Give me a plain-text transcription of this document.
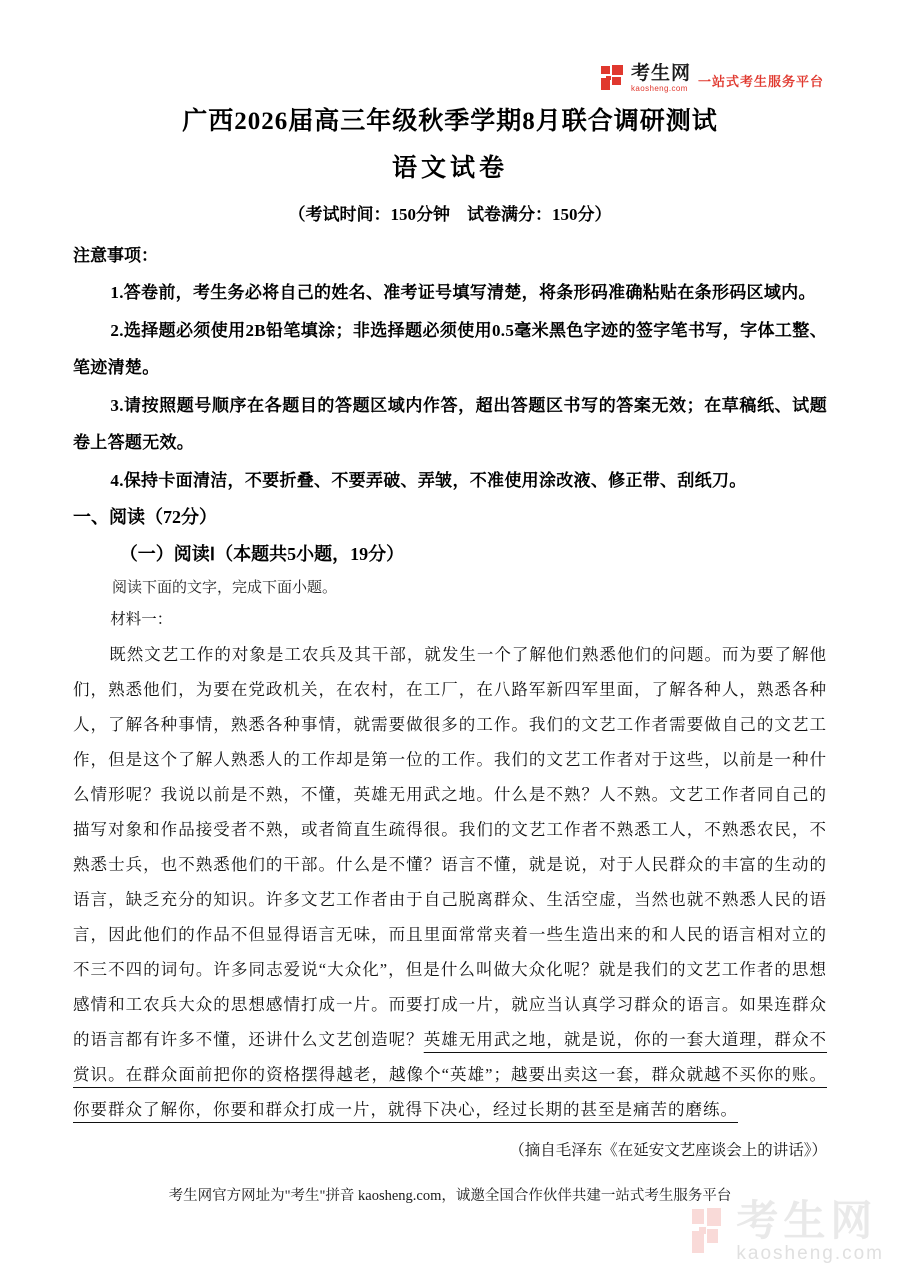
考生网
kaosheng.com 一站式考生服务平台
广西2026届高三年级秋季学期8月联合调研测试
语文试卷

（考试时间：150分钟　试卷满分：150分）

注意事项：

1.答卷前，考生务必将自己的姓名、准考证号填写清楚，将条形码准确粘贴在条形码区域内。

2.选择题必须使用2B铅笔填涂；非选择题必须使用0.5毫米黑色字迹的签字笔书写，字体工整、笔迹清楚。

3.请按照题号顺序在各题目的答题区域内作答，超出答题区书写的答案无效；在草稿纸、试题卷上答题无效。

4.保持卡面清洁，不要折叠、不要弄破、弄皱，不准使用涂改液、修正带、刮纸刀。

一、阅读（72分）

（一）阅读Ⅰ（本题共5小题，19分）

阅读下面的文字，完成下面小题。

材料一：

既然文艺工作的对象是工农兵及其干部，就发生一个了解他们熟悉他们的问题。而为要了解他们，熟悉他们，为要在党政机关，在农村，在工厂，在八路军新四军里面，了解各种人，熟悉各种人，了解各种事情，熟悉各种事情，就需要做很多的工作。我们的文艺工作者需要做自己的文艺工作，但是这个了解人熟悉人的工作却是第一位的工作。我们的文艺工作者对于这些，以前是一种什么情形呢？我说以前是不熟，不懂，英雄无用武之地。什么是不熟？人不熟。文艺工作者同自己的描写对象和作品接受者不熟，或者简直生疏得很。我们的文艺工作者不熟悉工人，不熟悉农民，不熟悉士兵，也不熟悉他们的干部。什么是不懂？语言不懂，就是说，对于人民群众的丰富的生动的语言，缺乏充分的知识。许多文艺工作者由于自己脱离群众、生活空虚，当然也就不熟悉人民的语言，因此他们的作品不但显得语言无味，而且里面常常夹着一些生造出来的和人民的语言相对立的不三不四的词句。许多同志爱说“大众化”，但是什么叫做大众化呢？就是我们的文艺工作者的思想感情和工农兵大众的思想感情打成一片。而要打成一片，就应当认真学习群众的语言。如果连群众的语言都有许多不懂，还讲什么文艺创造呢？英雄无用武之地，就是说，你的一套大道理，群众不赏识。在群众面前把你的资格摆得越老，越像个“英雄”；越要出卖这一套，群众就越不买你的账。你要群众了解你，你要和群众打成一片，就得下决心，经过长期的甚至是痛苦的磨练。

（摘自毛泽东《在延安文艺座谈会上的讲话》）

考生网官方网址为"考生"拼音 kaosheng.com，诚邀全国合作伙伴共建一站式考生服务平台

考生网
kaosheng.com
